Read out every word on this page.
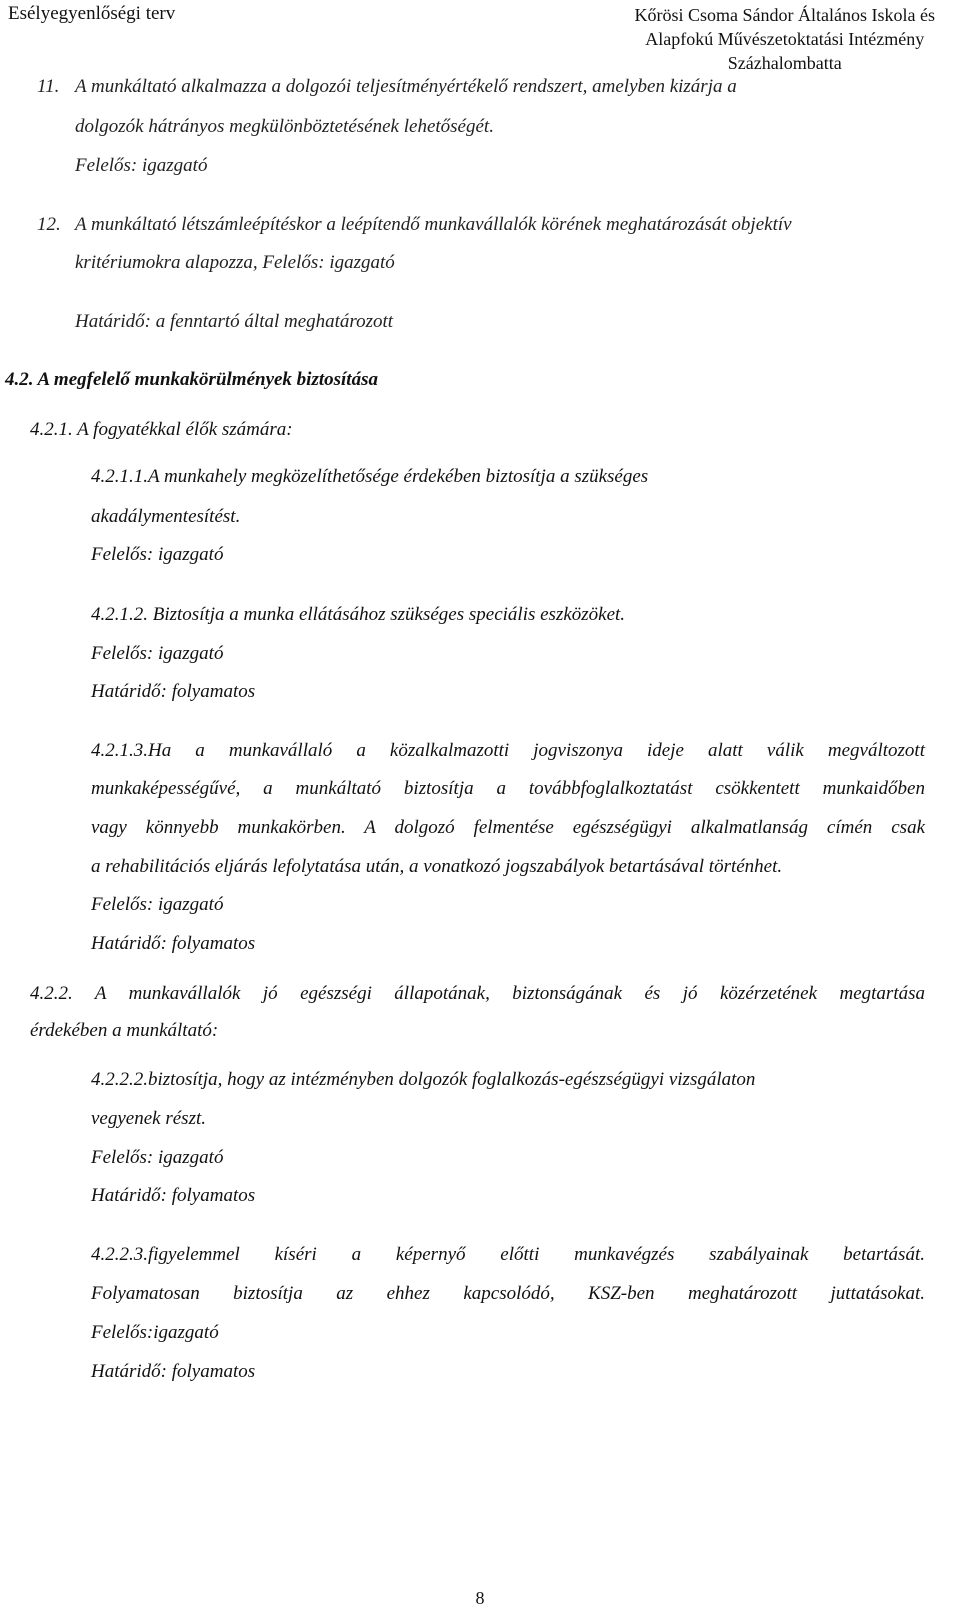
Esélyegyenlőségi terv	Kőrösi Csoma Sándor Általános Iskola és
Alapfokú Művészetoktatási Intézmény
Százhalombatta
11. A munkáltató alkalmazza a dolgozói teljesítményértékelő rendszert, amelyben kizárja a
dolgozók hátrányos megkülönböztetésének lehetőségét.
Felelős: igazgató
12. A munkáltató létszámleépítéskor a leépítendő munkavállalók körének meghatározását objektív
kritériumokra alapozza, Felelős: igazgató
Határidő: a fenntartó által meghatározott
4.2. A megfelelő munkakörülmények biztosítása
4.2.1. A fogyatékkal élők számára:
4.2.1.1.A munkahely megközelíthetősége érdekében biztosítja a szükséges
akadálymentesítést.
Felelős: igazgató
4.2.1.2. Biztosítja a munka ellátásához szükséges speciális eszközöket.
Felelős: igazgató
Határidő: folyamatos
4.2.1.3.Ha a munkavállaló a közalkalmazotti jogviszonya ideje alatt válik megváltozott
munkaképességűvé, a munkáltató biztosítja a továbbfoglalkoztatást csökkentett munkaidőben
vagy könnyebb munkakörben. A dolgozó felmentése egészségügyi alkalmatlanság címén csak
a rehabilitációs eljárás lefolytatása után, a vonatkozó jogszabályok betartásával történhet.
Felelős: igazgató
Határidő: folyamatos
4.2.2. A munkavállalók jó egészségi állapotának, biztonságának és jó közérzetének megtartása
érdekében a munkáltató:
4.2.2.2.biztosítja, hogy az intézményben dolgozók foglalkozás-egészségügyi vizsgálaton
vegyenek részt.
Felelős: igazgató
Határidő: folyamatos
4.2.2.3.figyelemmel kíséri a képernyő előtti munkavégzés szabályainak betartását.
Folyamatosan biztosítja az ehhez kapcsolódó, KSZ-ben meghatározott juttatásokat.
Felelős:igazgató
Határidő: folyamatos
8
